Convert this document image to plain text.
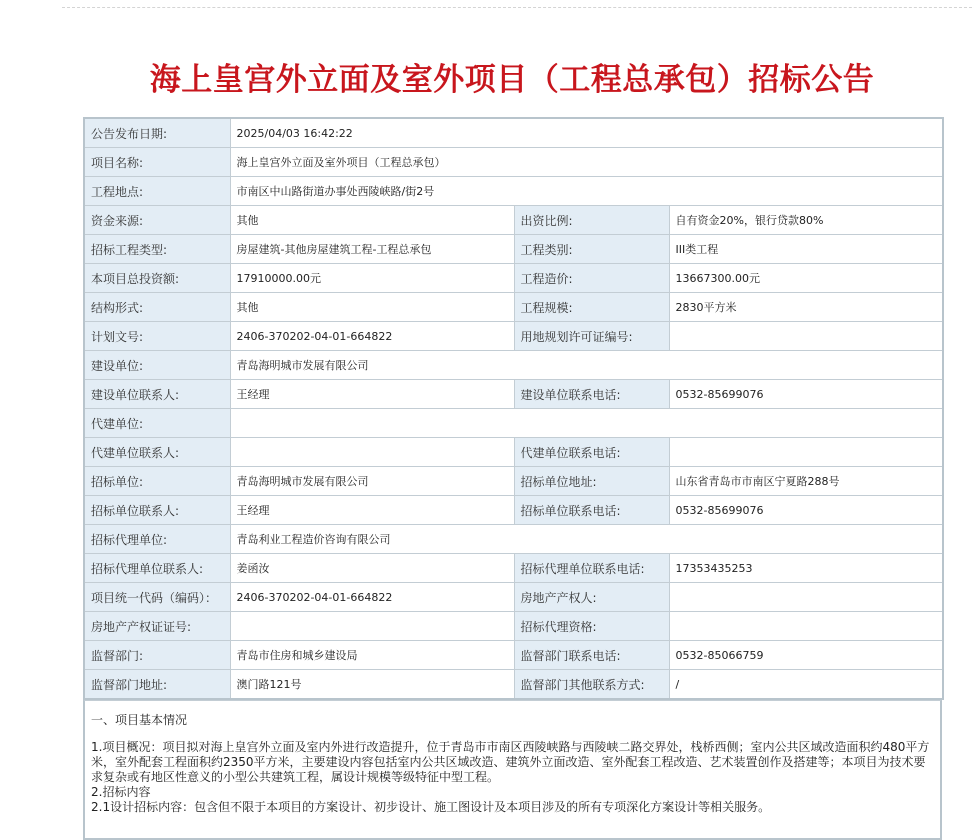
海上皇宫外立面及室外项目（工程总承包）招标公告
公告发布日期:	2025/04/03 16:42:22		
项目名称:	海上皇宫外立面及室外项目（工程总承包）		
工程地点:	市南区中山路街道办事处西陵峡路/街2号		
资金来源:	其他	出资比例:	自有资金20%，银行贷款80%
招标工程类型:	房屋建筑-其他房屋建筑工程-工程总承包	工程类别:	III类工程
本项目总投资额:	17910000.00元	工程造价:	13667300.00元
结构形式:	其他	工程规模:	2830平方米
计划文号:	2406-370202-04-01-664822	用地规划许可证编号:	
建设单位:	青岛海明城市发展有限公司		
建设单位联系人:	王经理	建设单位联系电话:	0532-85699076
代建单位:			
代建单位联系人:		代建单位联系电话:	
招标单位:	青岛海明城市发展有限公司	招标单位地址:	山东省青岛市市南区宁夏路288号
招标单位联系人:	王经理	招标单位联系电话:	0532-85699076
招标代理单位:	青岛利业工程造价咨询有限公司		
招标代理单位联系人:	姜函汝	招标代理单位联系电话:	17353435253
项目统一代码（编码）：	2406-370202-04-01-664822	房地产产权人:	
房地产产权证证号:		招标代理资格:	
监督部门:	青岛市住房和城乡建设局	监督部门联系电话:	0532-85066759
监督部门地址:	澳门路121号	监督部门其他联系方式:	/
一、项目基本情况

1.项目概况：项目拟对海上皇宫外立面及室内外进行改造提升，位于青岛市市南区西陵峡路与西陵峡二路交界处，栈桥西侧；室内公共区域改造面积约480平方米，室外配套工程面积约2350平方米，主要建设内容包括室内公共区域改造、建筑外立面改造、室外配套工程改造、艺术装置创作及搭建等；本项目为技术要求复杂或有地区性意义的小型公共建筑工程，属设计规模等级特征中型工程。

2.招标内容

2.1设计招标内容：包含但不限于本项目的方案设计、初步设计、施工图设计及本项目涉及的所有专项深化方案设计等相关服务。
